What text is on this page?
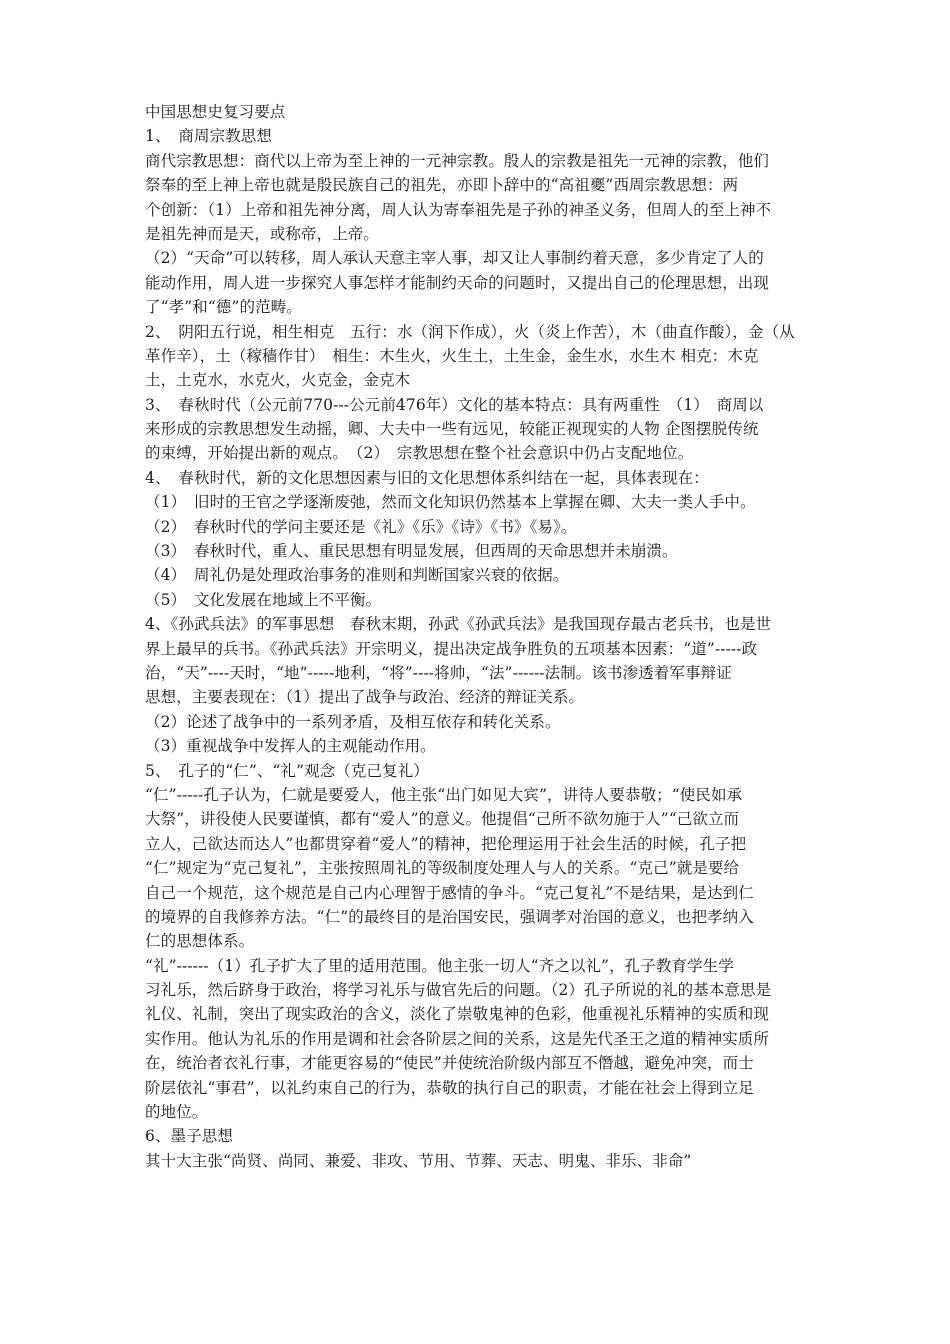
中国思想史复习要点
1、　商周宗教思想
商代宗教思想：商代以上帝为至上神的一元神宗教。殷人的宗教是祖先一元神的宗教，他们
祭奉的至上神上帝也就是殷民族自己的祖先，亦即卜辞中的“高祖夒”西周宗教思想：两
个创新：（1）上帝和祖先神分离，周人认为寄奉祖先是子孙的神圣义务，但周人的至上神不
是祖先神而是天，或称帝，上帝。
（2）“天命”可以转移，周人承认天意主宰人事，却又让人事制约着天意，多少肯定了人的
能动作用，周人进一步探究人事怎样才能制约天命的问题时，又提出自己的伦理思想，出现
了“孝”和“德”的范畴。
2、　阴阳五行说，相生相克　五行：水（润下作成），火（炎上作苦），木（曲直作酸），金（从
革作辛），土（稼穑作甘）　相生：木生火，火生土，土生金，金生水，水生木 相克：木克
土，土克水，水克火，火克金，金克木
3、　春秋时代（公元前770---公元前476年）文化的基本特点：具有两重性　（1）　商周以
来形成的宗教思想发生动摇，卿、大夫中一些有远见，较能正视现实的人物 企图摆脱传统
的束缚，开始提出新的观点。　（2）　宗教思想在整个社会意识中仍占支配地位。
4、　春秋时代，新的文化思想因素与旧的文化思想体系纠结在一起，具体表现在：
（1）　旧时的王官之学逐渐废弛，然而文化知识仍然基本上掌握在卿、大夫一类人手中。
（2）　春秋时代的学问主要还是《礼》《乐》《诗》《书》《易》。
（3）　春秋时代，重人、重民思想有明显发展，但西周的天命思想并未崩溃。
（4）　周礼仍是处理政治事务的准则和判断国家兴衰的依据。
（5）　文化发展在地域上不平衡。
4、《孙武兵法》的军事思想　春秋末期，孙武《孙武兵法》是我国现存最古老兵书，也是世
界上最早的兵书。《孙武兵法》开宗明义，提出决定战争胜负的五项基本因素：“道”-----政
治，“天”----天时，“地”-----地利，“将”----将帅，“法”------法制。该书渗透着军事辩证
思想，主要表现在：（1）提出了战争与政治、经济的辩证关系。
（2）论述了战争中的一系列矛盾，及相互依存和转化关系。
（3）重视战争中发挥人的主观能动作用。
5、　孔子的“仁”、“礼”观念（克己复礼）
“仁”-----孔子认为，仁就是要爱人，他主张“出门如见大宾”，讲待人要恭敬；“使民如承
大祭”，讲役使人民要谨慎，都有“爱人”的意义。他提倡“己所不欲勿施于人”“己欲立而
立人，己欲达而达人”也都贯穿着“爱人”的精神，把伦理运用于社会生活的时候，孔子把
“仁”规定为“克己复礼”，主张按照周礼的等级制度处理人与人的关系。“克己”就是要给
自己一个规范，这个规范是自己内心理智于感情的争斗。“克己复礼”不是结果，是达到仁
的境界的自我修养方法。“仁”的最终目的是治国安民，强调孝对治国的意义，也把孝纳入
仁的思想体系。
“礼”------（1）孔子扩大了里的适用范围。他主张一切人“齐之以礼”，孔子教育学生学
习礼乐，然后跻身于政治，将学习礼乐与做官先后的问题。（2）孔子所说的礼的基本意思是
礼仪、礼制，突出了现实政治的含义，淡化了崇敬鬼神的色彩，他重视礼乐精神的实质和现
实作用。他认为礼乐的作用是调和社会各阶层之间的关系，这是先代圣王之道的精神实质所
在，统治者衣礼行事，才能更容易的“使民”并使统治阶级内部互不僭越，避免冲突，而士
阶层依礼“事君”，以礼约束自己的行为，恭敬的执行自己的职责，才能在社会上得到立足
的地位。
6、墨子思想
其十大主张“尚贤、尚同、兼爱、非攻、节用、节葬、天志、明鬼、非乐、非命”
